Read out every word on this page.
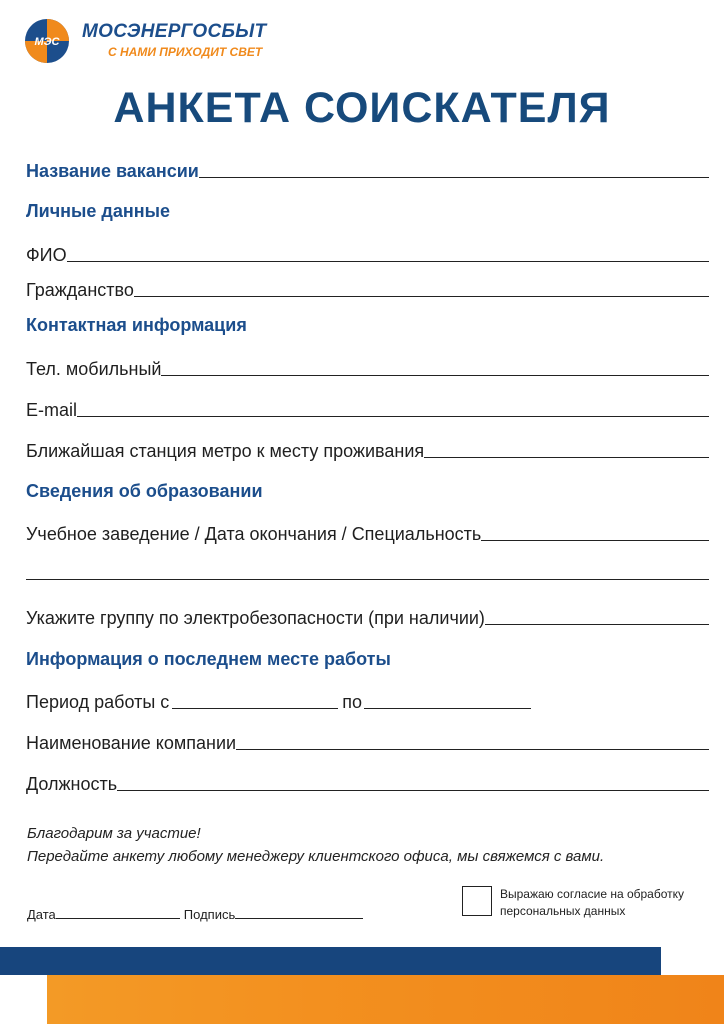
МЭС МОСЭНЕРГОСБЫТ
С НАМИ ПРИХОДИТ СВЕТ
АНКЕТА СОИСКАТЕЛЯ
Название вакансии
Личные данные
ФИО
Гражданство
Контактная информация
Тел. мобильный
E-mail
Ближайшая станция метро к месту проживания
Сведения об образовании
Учебное заведение / Дата окончания / Специальность
Укажите группу по электробезопасности (при наличии)
Информация о последнем месте работы
Период работы с	по
Наименование компании
Должность
Благодарим за участие!
Передайте анкету любому менеджеру клиентского офиса, мы свяжемся с вами.
Дата	Подпись
Выражаю согласие на обработку персональных данных
